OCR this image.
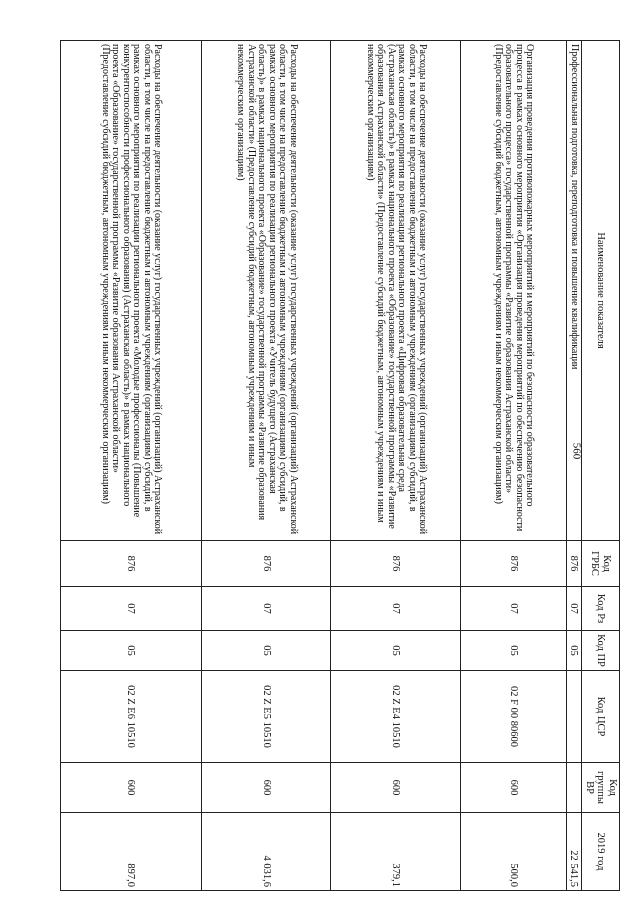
560
Наименование показателя	Код ГРБС	Код Рз	Код ПР	Код ЦСР	Код группы ВР	2019 год
Профессиональная подготовка, переподготовка и повышение квалификации	876	07	05			22 541,5
Организация проведения противопожарных мероприятий и мероприятий по безопасности образовательного процесса в рамках основного мероприятия «Организация проведения мероприятий по обеспечению безопасности образовательного процесса» государственной программы «Развитие образования Астраханской области» (Предоставление субсидий бюджетным, автономным учреждениям и иным некоммерческим организациям)	876	07	05	02 F 00 80600	600	500,0
Расходы на обеспечение деятельности (оказание услуг) государственных учреждений (организаций) Астраханской области, в том числе на предоставление бюджетным и автономным учреждениям (организациям) субсидий, в рамках основного мероприятия по реализации регионального проекта «Цифровая образовательная среда (Астраханская область)» в рамках национального проекта «Образование» государственной программы «Развитие образования Астраханской области» (Предоставление субсидий бюджетным, автономным учреждениям и иным некоммерческим организациям)	876	07	05	02 Z E4 10510	600	379,1
Расходы на обеспечение деятельности (оказание услуг) государственных учреждений (организаций) Астраханской области, в том числе на предоставление бюджетным и автономным учреждениям (организациям) субсидий, в рамках основного мероприятия по реализации регионального проекта «Учитель будущего (Астраханская область)» в рамках национального проекта «Образование» государственной программы «Развитие образования Астраханской области» (Предоставление субсидий бюджетным, автономным учреждениям и иным некоммерческим организациям)	876	07	05	02 Z E5 10510	600	4 031,6
Расходы на обеспечение деятельности (оказание услуг) государственных учреждений (организаций) Астраханской области, в том числе на предоставление бюджетным и автономным учреждениям (организациям) субсидий, в рамках основного мероприятия по реализации регионального проекта «Молодые профессионалы (Повышение конкурентоспособности профессионального образования) (Астраханская область)» в рамках национального проекта «Образование» государственной программы «Развитие образования Астраханской области» (Предоставление субсидий бюджетным, автономным учреждениям и иным некоммерческим организациям)	876	07	05	02 Z E6 10510	600	897,0
